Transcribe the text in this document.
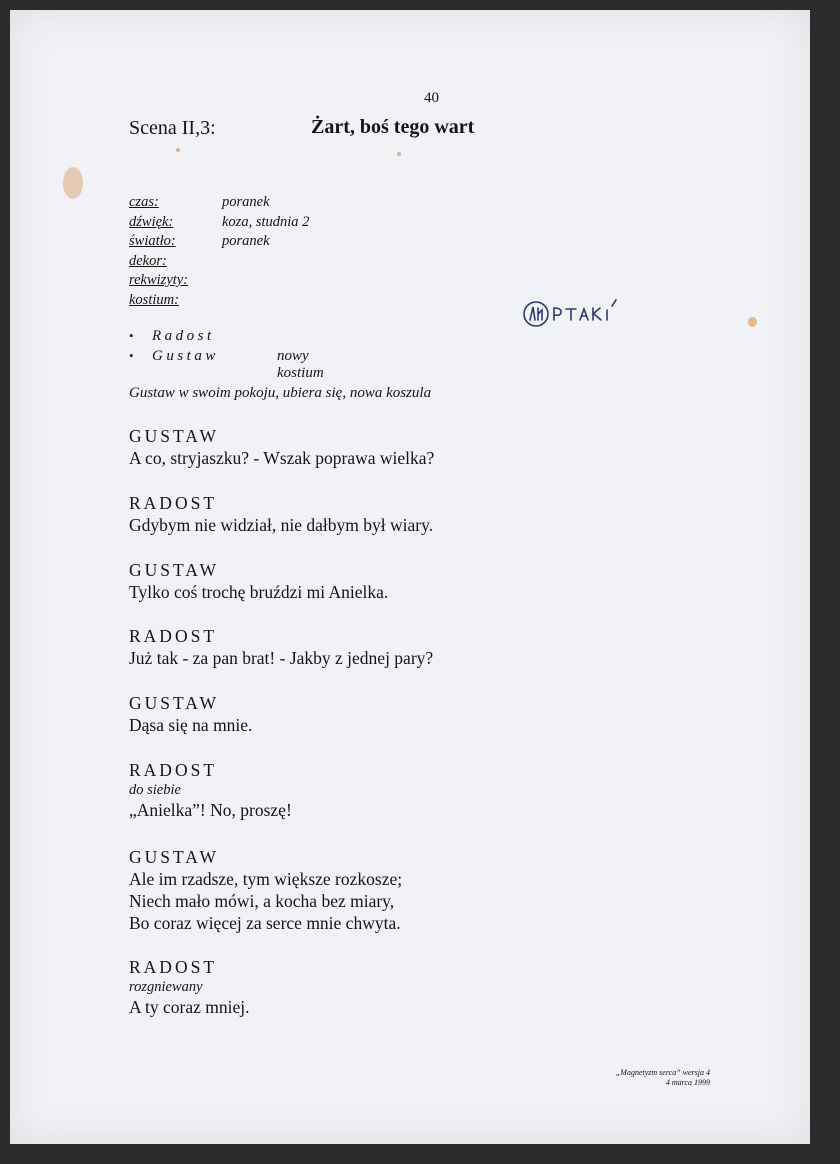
40
Scena II,3:	Żart, boś tego wart
czas:	poranek
dźwięk:	koza, studnia 2
światło:	poranek
dekor:
rekwizyty:
kostium:
• Radost
• Gustaw	nowy kostium
Gustaw w swoim pokoju, ubiera się, nowa koszula
GUSTAW
A co, stryjaszku? - Wszak poprawa wielka?
RADOST
Gdybym nie widział, nie dałbym był wiary.
GUSTAW
Tylko coś trochę bruździ mi Anielka.
RADOST
Już tak - za pan brat! - Jakby z jednej pary?
GUSTAW
Dąsa się na mnie.
RADOST
do siebie
„Anielka”! No, proszę!
GUSTAW
Ale im rzadsze, tym większe rozkosze;
Niech mało mówi, a kocha bez miary,
Bo coraz więcej za serce mnie chwyta.
RADOST
rozgniewany
A ty coraz mniej.
„Magnetyzm serca” wersja 4
4 marca 1999
